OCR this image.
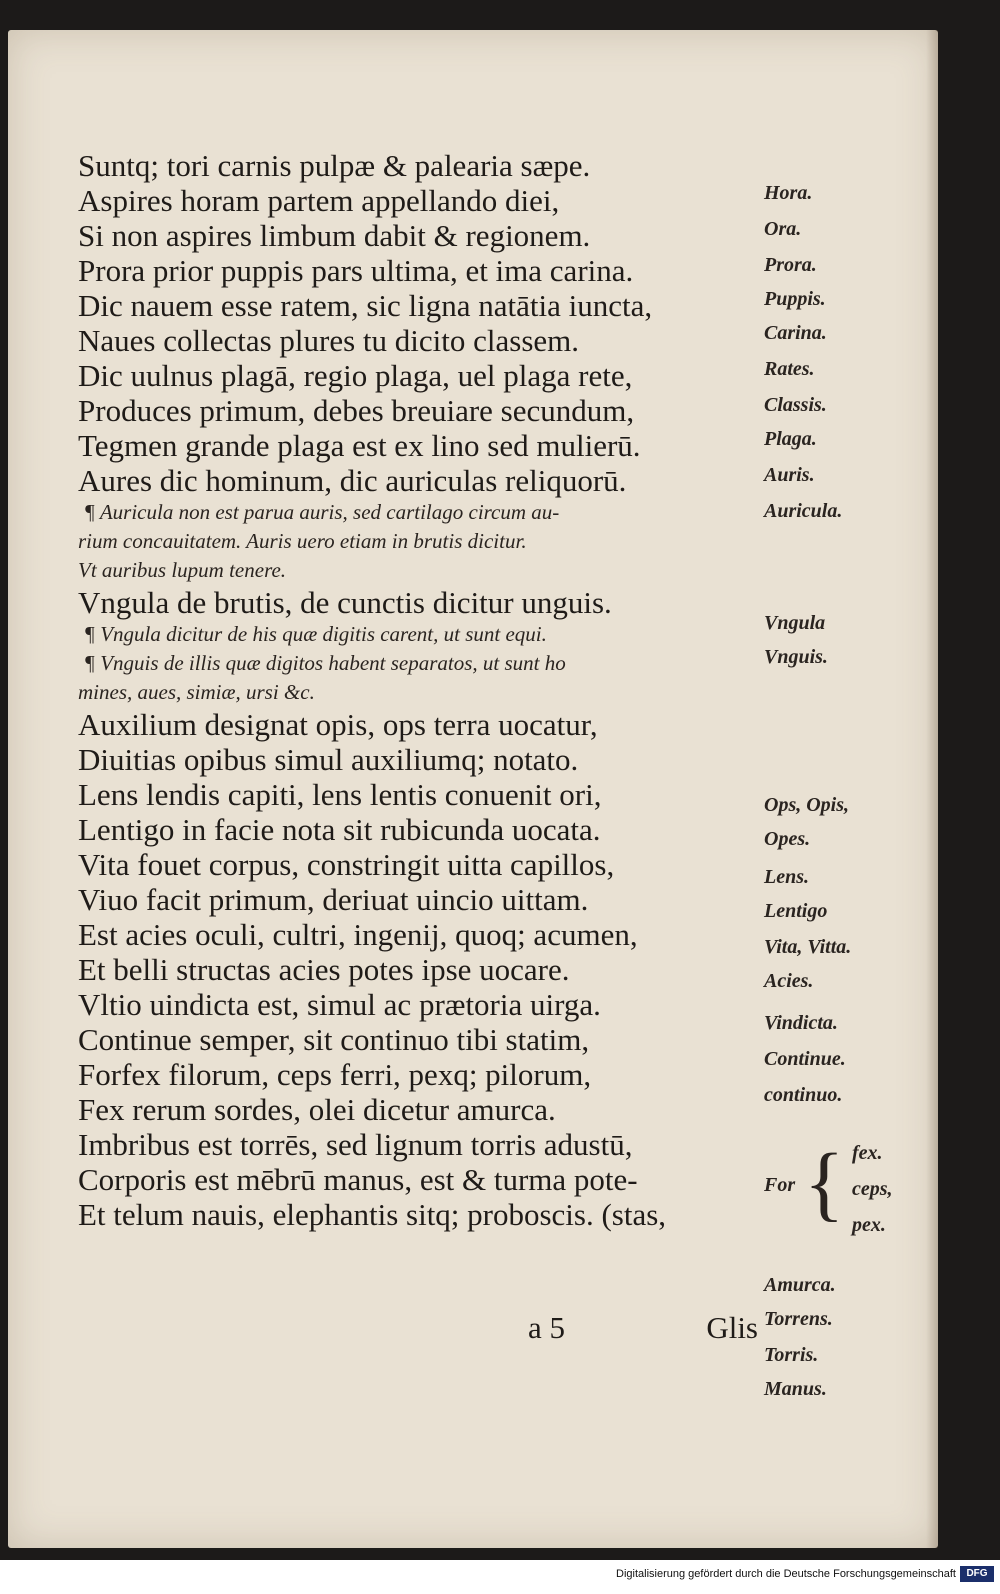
Suntq; tori carnis pulpæ & palearia sæpe.
Aspires horam partem appellando diei,
Si non aspires limbum dabit & regionem.
Prora prior puppis pars ultima, et ima carina.
Dic nauem esse ratem, sic ligna natātia iuncta,
Naues collectas plures tu dicito classem.
Dic uulnus plagā, regio plaga, uel plaga rete,
Produces primum, debes breuiare secundum,
Tegmen grande plaga est ex lino sed mulierū.
Aures dic hominum, dic auriculas reliquorū.
¶ Auricula non est parua auris, sed cartilago circum au-
rium concauitatem. Auris uero etiam in brutis dicitur.
Vt auribus lupum tenere.
Vngula de brutis, de cunctis dicitur unguis.
¶ Vngula dicitur de his quæ digitis carent, ut sunt equi.
¶ Vnguis de illis quæ digitos habent separatos, ut sunt ho
mines, aues, simiæ, ursi &c.
Auxilium designat opis, ops terra uocatur,
Diuitias opibus simul auxiliumq; notato.
Lens lendis capiti, lens lentis conuenit ori,
Lentigo in facie nota sit rubicunda uocata.
Vita fouet corpus, constringit uitta capillos,
Viuo facit primum, deriuat uincio uittam.
Est acies oculi, cultri, ingenij, quoq; acumen,
Et belli structas acies potes ipse uocare.
Vltio uindicta est, simul ac prætoria uirga.
Continue semper, sit continuo tibi statim,
Forfex filorum, ceps ferri, pexq; pilorum,
Fex rerum sordes, olei dicetur amurca.
Imbribus est torrēs, sed lignum torris adustū,
Corporis est mēbrū manus, est & turma pote-
Et telum nauis, elephantis sitq; proboscis. (stas,
a 5	Glis
Hora.
Ora.
Prora.
Puppis.
Carina.
Rates.
Classis.
Plaga.
Auris.
Auricula.
Vngula
Vnguis.
Ops, Opis,
Opes.
Lens.
Lentigo
Vita, Vitta.
Acies.
Vindicta.
Continue.
continuo.
For { fex.
ceps,
pex.
Amurca.
Torrens.
Torris.
Manus.
Digitalisierung gefördert durch die Deutsche Forschungsgemeinschaft	DFG
